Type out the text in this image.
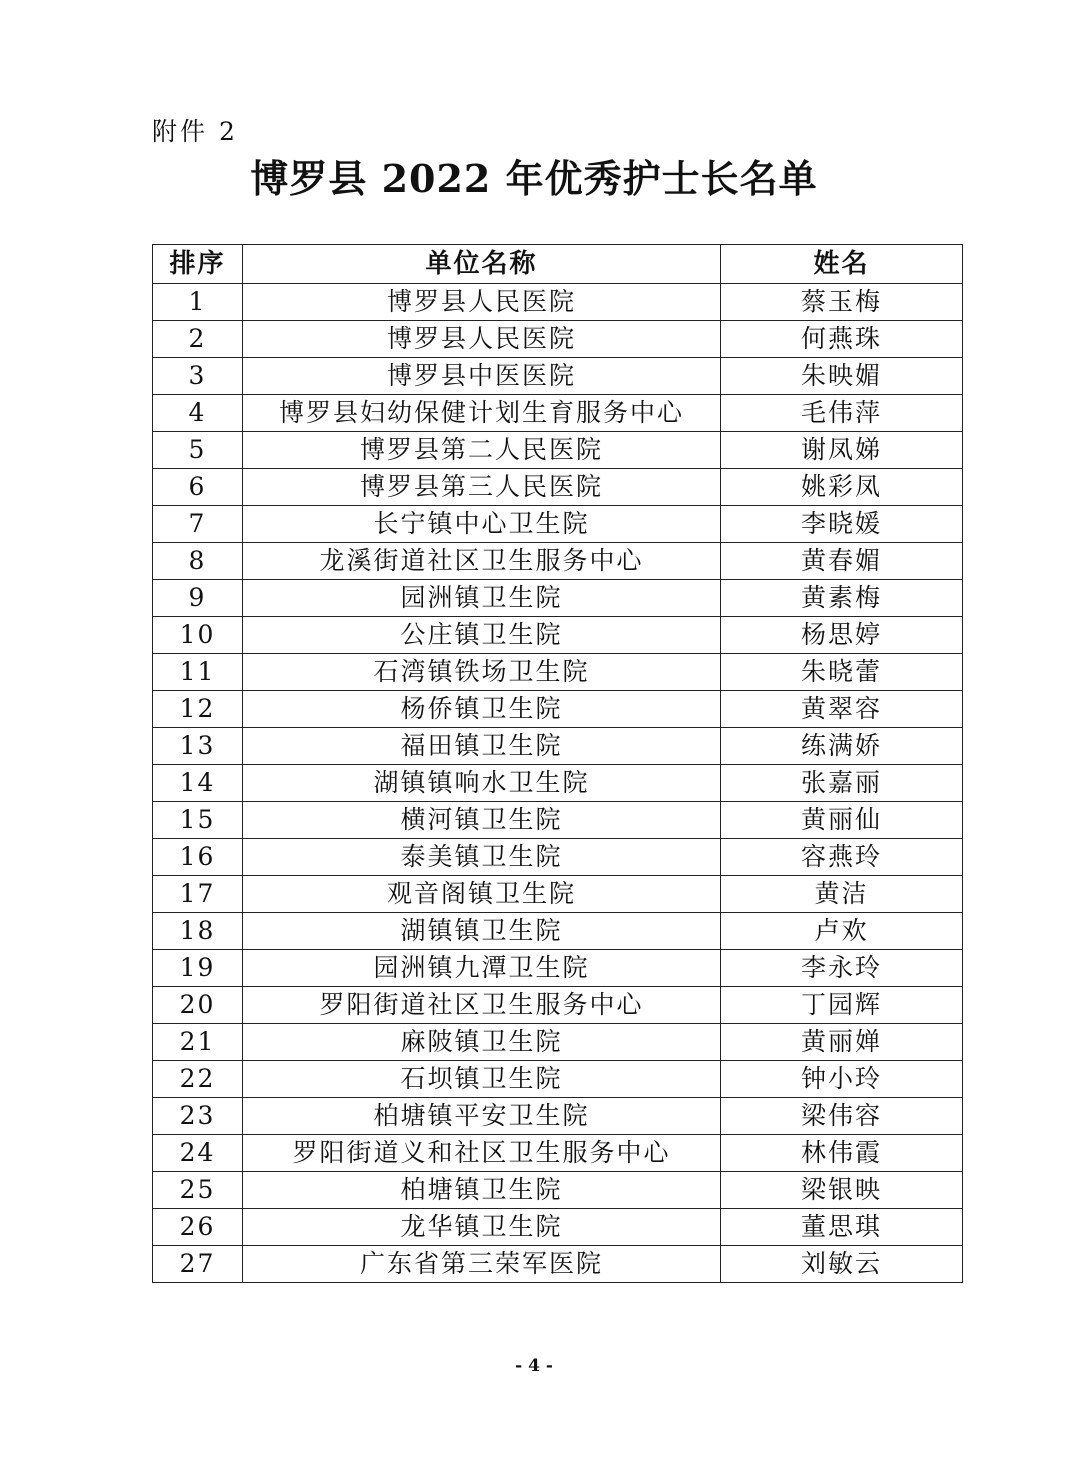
附件 2
博罗县 2022 年优秀护士长名单
排序	单位名称	姓名
1	博罗县人民医院	蔡玉梅
2	博罗县人民医院	何燕珠
3	博罗县中医医院	朱映媚
4	博罗县妇幼保健计划生育服务中心	毛伟萍
5	博罗县第二人民医院	谢凤娣
6	博罗县第三人民医院	姚彩凤
7	长宁镇中心卫生院	李晓媛
8	龙溪街道社区卫生服务中心	黄春媚
9	园洲镇卫生院	黄素梅
10	公庄镇卫生院	杨思婷
11	石湾镇铁场卫生院	朱晓蕾
12	杨侨镇卫生院	黄翠容
13	福田镇卫生院	练满娇
14	湖镇镇响水卫生院	张嘉丽
15	横河镇卫生院	黄丽仙
16	泰美镇卫生院	容燕玲
17	观音阁镇卫生院	黄洁
18	湖镇镇卫生院	卢欢
19	园洲镇九潭卫生院	李永玲
20	罗阳街道社区卫生服务中心	丁园辉
21	麻陂镇卫生院	黄丽婵
22	石坝镇卫生院	钟小玲
23	柏塘镇平安卫生院	梁伟容
24	罗阳街道义和社区卫生服务中心	林伟霞
25	柏塘镇卫生院	梁银映
26	龙华镇卫生院	董思琪
27	广东省第三荣军医院	刘敏云
- 4 -
